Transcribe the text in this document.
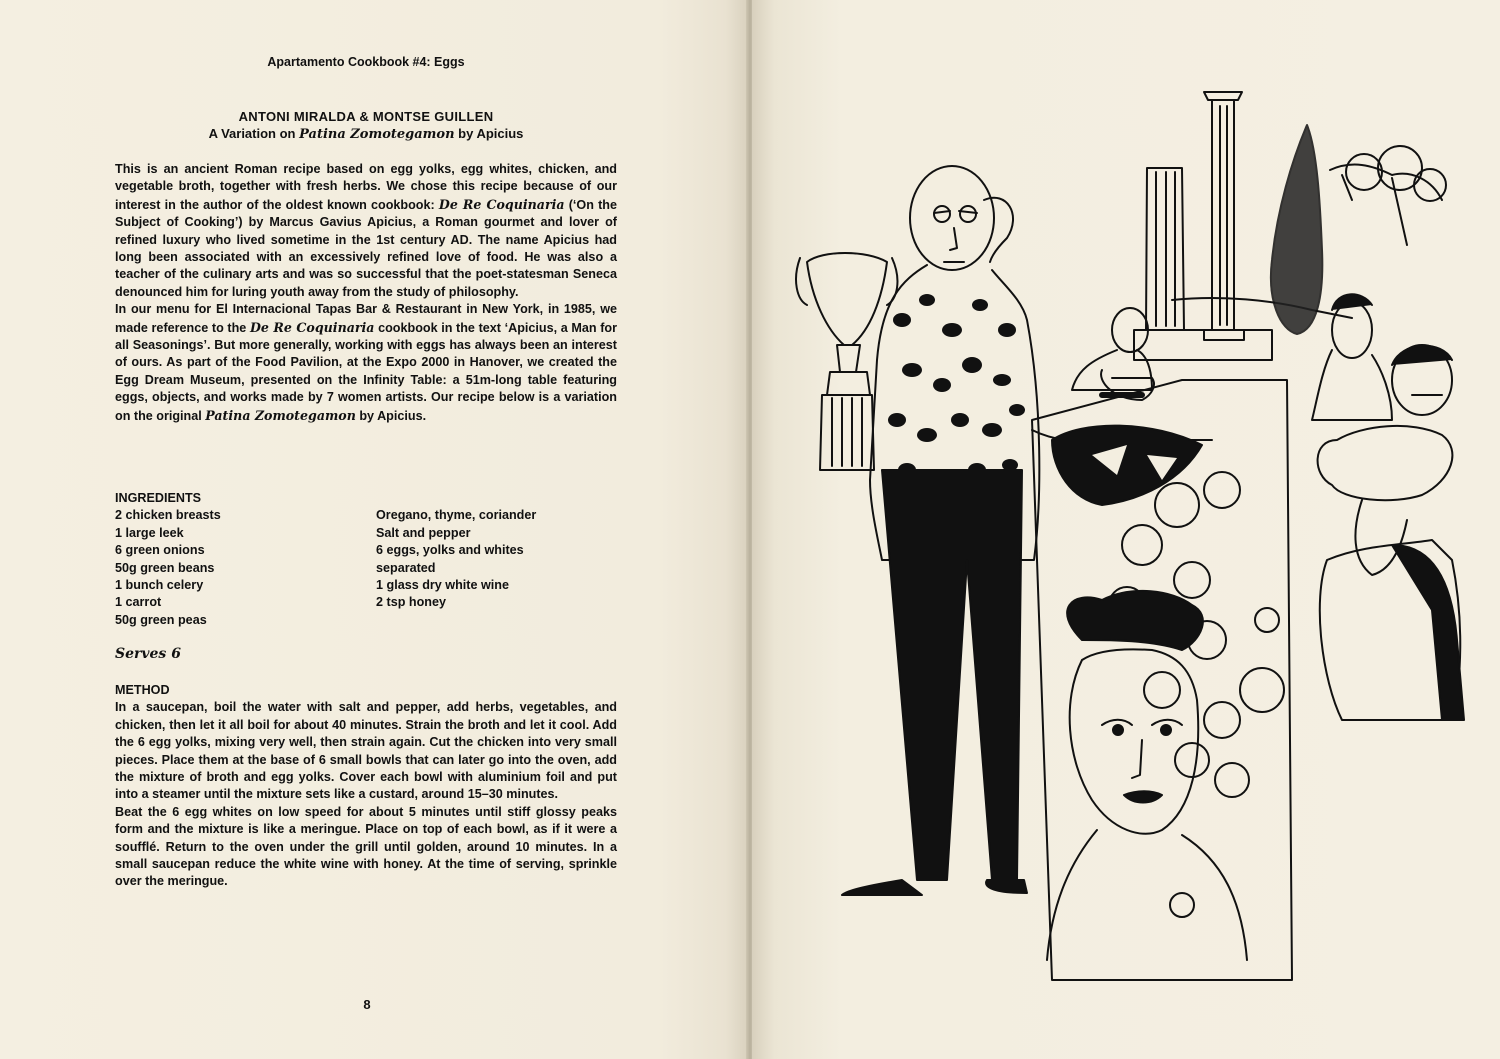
Apartamento Cookbook #4: Eggs
ANTONI MIRALDA & MONTSE GUILLEN
A Variation on Patina Zomotegamon by Apicius

This is an ancient Roman recipe based on egg yolks, egg whites, chicken, and vegetable broth, together with fresh herbs. We chose this recipe because of our interest in the author of the oldest known cookbook: De Re Coquinaria (‘On the Subject of Cooking’) by Marcus Gavius Apicius, a Roman gourmet and lover of refined luxury who lived sometime in the 1st century AD. The name Apicius had long been associated with an excessively refined love of food. He was also a teacher of the culinary arts and was so successful that the poet-statesman Seneca denounced him for luring youth away from the study of philosophy.

In our menu for El Internacional Tapas Bar & Restaurant in New York, in 1985, we made reference to the De Re Coquinaria cookbook in the text ‘Apicius, a Man for all Seasonings’. But more generally, working with eggs has always been an interest of ours. As part of the Food Pavilion, at the Expo 2000 in Hanover, we created the Egg Dream Museum, presented on the Infinity Table: a 51m-long table featuring eggs, objects, and works made by 7 women artists. Our recipe below is a variation on the original Patina Zomotegamon by Apicius.

INGREDIENTS
2 chicken breasts
1 large leek
6 green onions
50g green beans
1 bunch celery
1 carrot
50g green peas
Oregano, thyme, coriander
Salt and pepper
6 eggs, yolks and whites
separated
1 glass dry white wine
2 tsp honey
Serves 6
METHOD

In a saucepan, boil the water with salt and pepper, add herbs, vegetables, and chicken, then let it all boil for about 40 minutes. Strain the broth and let it cool. Add the 6 egg yolks, mixing very well, then strain again. Cut the chicken into very small pieces. Place them at the base of 6 small bowls that can later go into the oven, add the mixture of broth and egg yolks. Cover each bowl with aluminium foil and put into a steamer until the mixture sets like a custard, around 15–30 minutes.

Beat the 6 egg whites on low speed for about 5 minutes until stiff glossy peaks form and the mixture is like a meringue. Place on top of each bowl, as if it were a soufflé. Return to the oven under the grill until golden, around 10 minutes. In a small saucepan reduce the white wine with honey. At the time of serving, sprinkle over the meringue.

8
